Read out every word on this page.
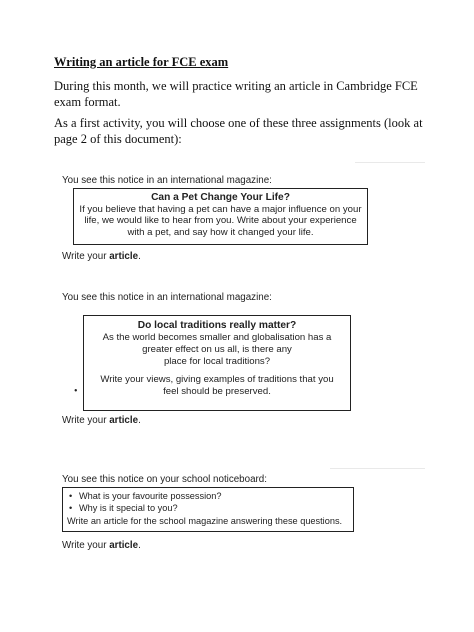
Writing an article for FCE exam

During this month, we will practice writing an article in Cambridge FCE exam format.

As a first activity, you will choose one of these three assignments (look at page 2 of this document):

You see this notice in an international magazine:
Can a Pet Change Your Life?
If you believe that having a pet can have a major influence on your
life, we would like to hear from you. Write about your experience
with a pet, and say how it changed your life.
Write your article.
You see this notice in an international magazine:
Do local traditions really matter?
As the world becomes smaller and globalisation has a
greater effect on us all, is there any
place for local traditions?
Write your views, giving examples of traditions that you
feel should be preserved.
•
Write your article.
You see this notice on your school noticeboard:
• What is your favourite possession?
• Why is it special to you?
Write an article for the school magazine answering these questions.
Write your article.
